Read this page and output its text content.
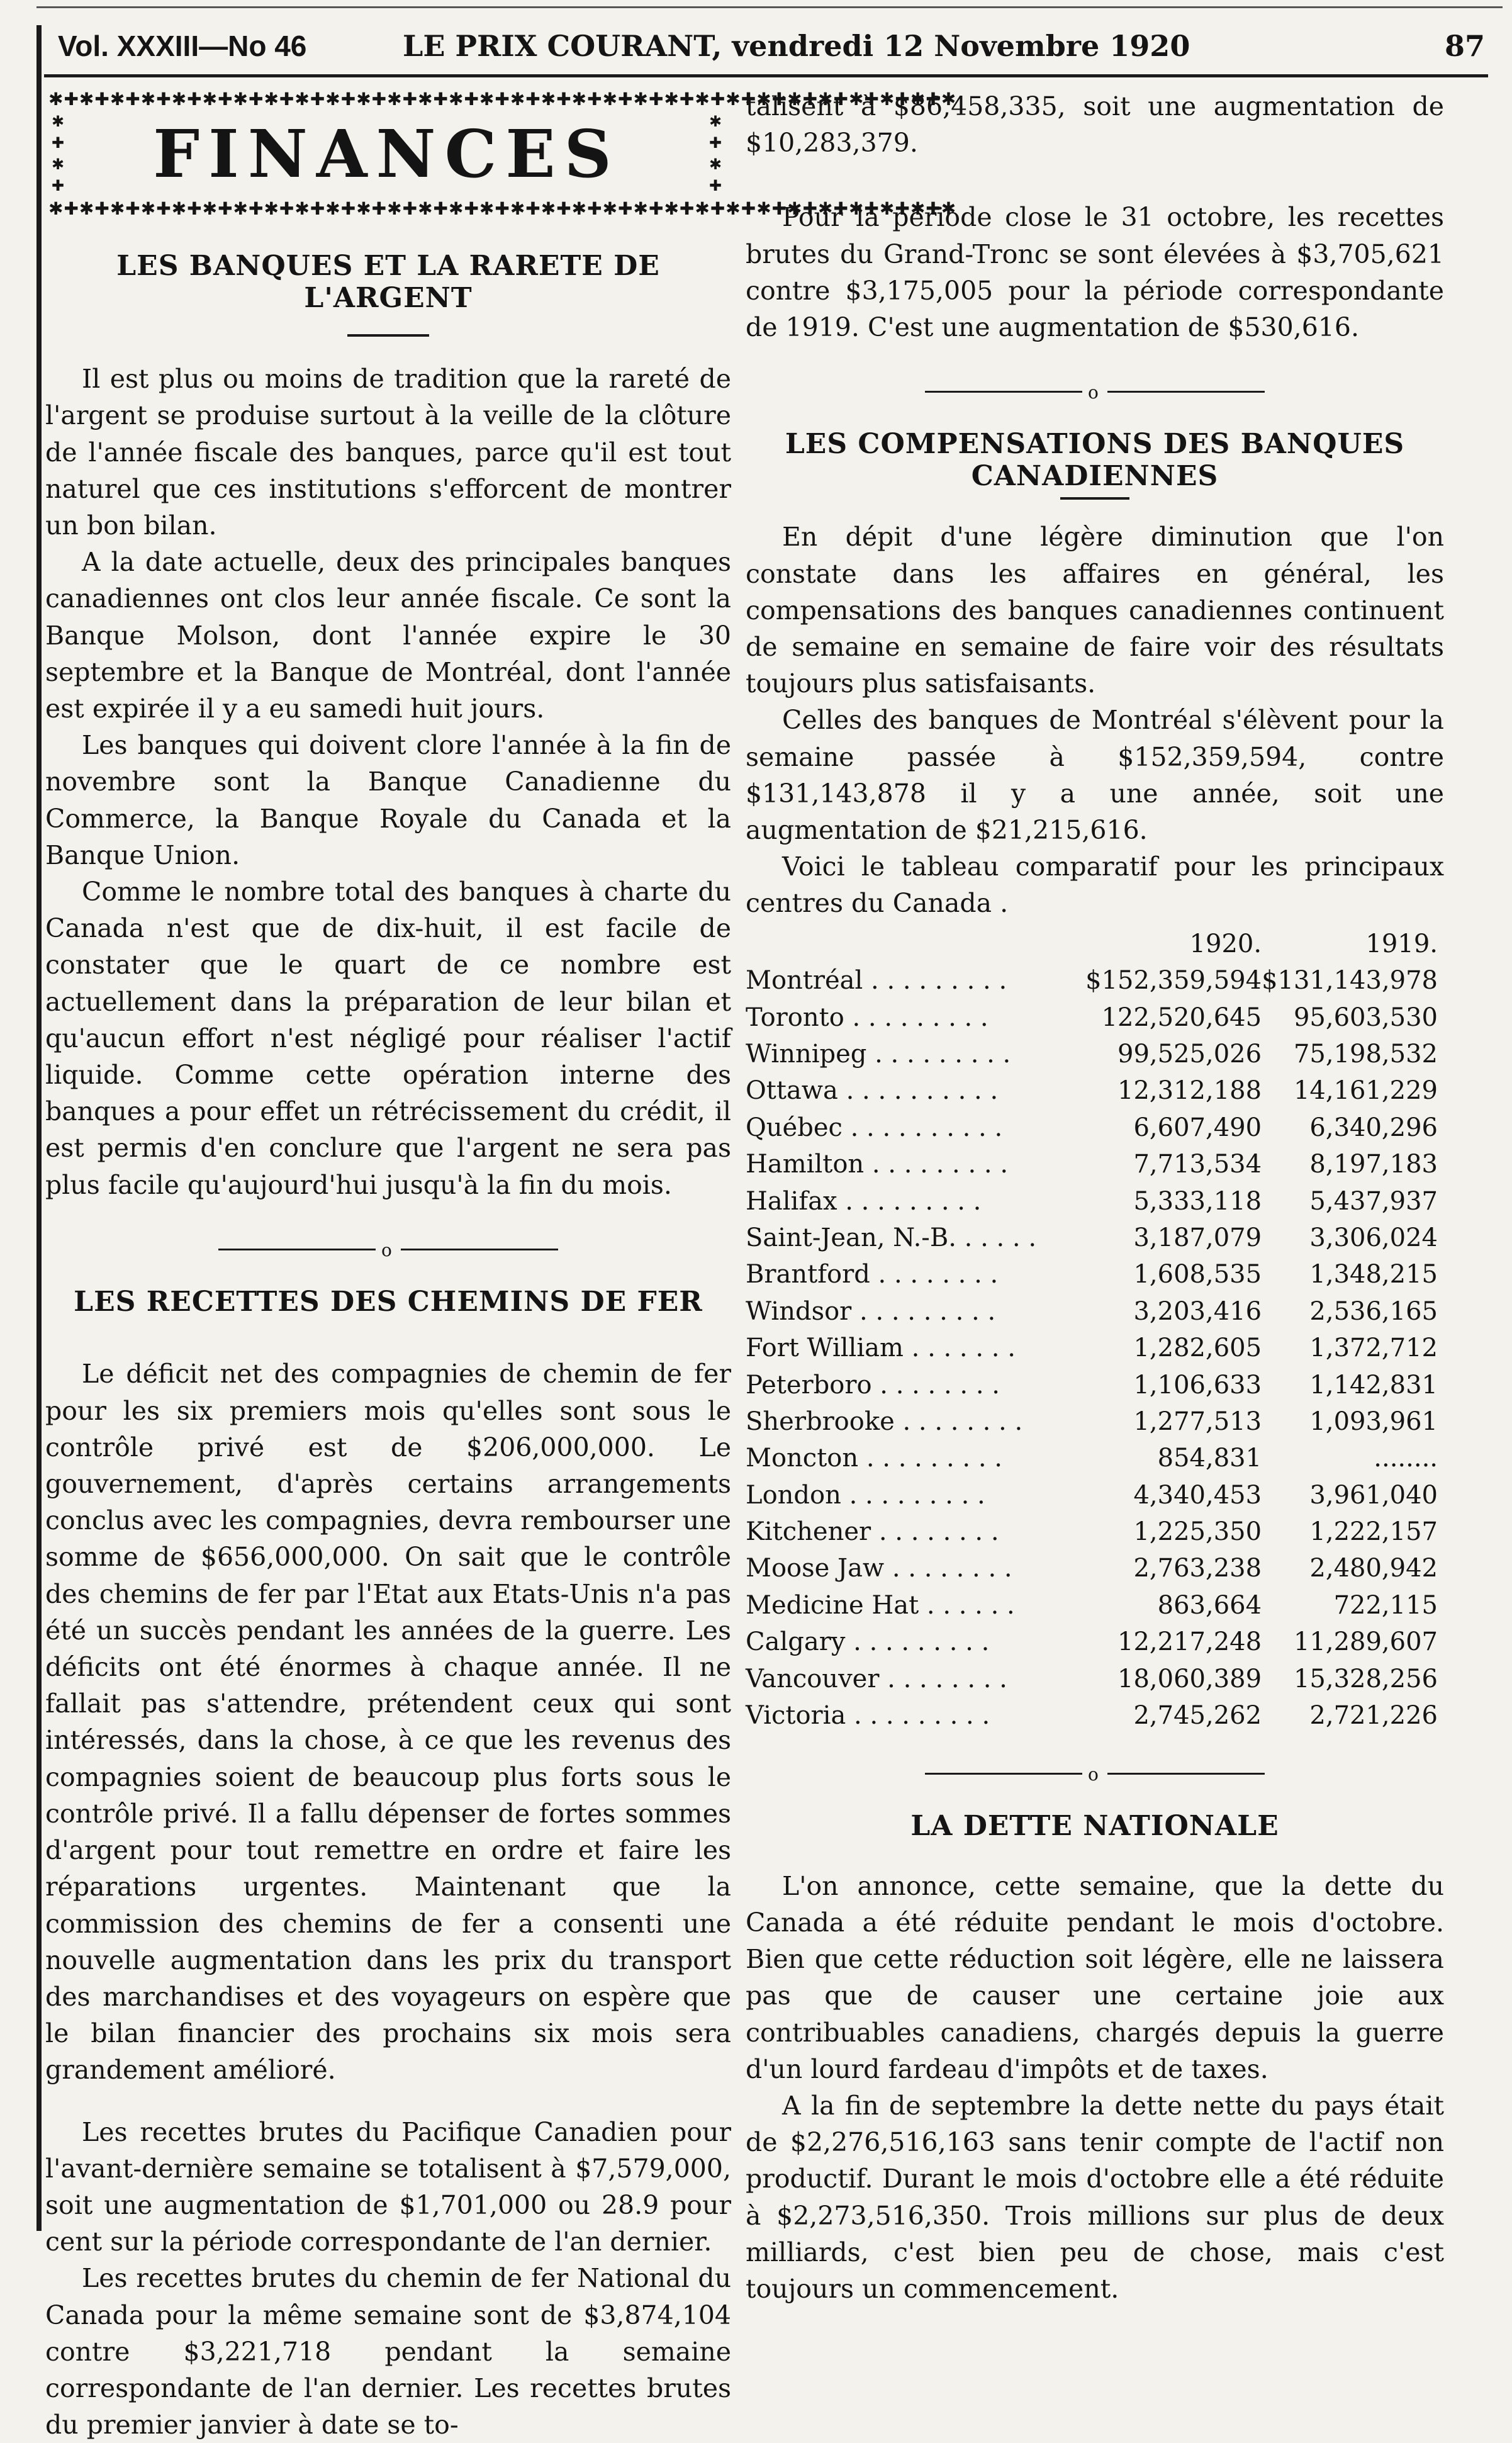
Vol. XXXIII—No 46	LE PRIX COURANT, vendredi 12 Novembre 1920	87
✱✚✱✚✱✚✱✚✱✚✱✚✱✚✱✚✱✚✱✚✱✚✱✚✱✚✱✚✱✚✱✚✱✚✱✚✱✚✱✚✱✚✱✚✱✚✱✚✱✚✱✚✱✚✱✚✱✚✱
✱
✚
✱
✚
✱
✚
✱
✚
FINANCES
✱✚✱✚✱✚✱✚✱✚✱✚✱✚✱✚✱✚✱✚✱✚✱✚✱✚✱✚✱✚✱✚✱✚✱✚✱✚✱✚✱✚✱✚✱✚✱✚✱✚✱✚✱✚✱✚✱✚✱
LES BANQUES ET LA RARETE DE L'ARGENT

Il est plus ou moins de tradition que la rareté de l'argent se produise surtout à la veille de la clôture de l'année fiscale des banques, parce qu'il est tout naturel que ces institutions s'efforcent de montrer un bon bilan.

A la date actuelle, deux des principales banques canadiennes ont clos leur année fiscale. Ce sont la Banque Molson, dont l'année expire le 30 septembre et la Banque de Montréal, dont l'année est expirée il y a eu samedi huit jours.

Les banques qui doivent clore l'année à la fin de novembre sont la Banque Canadienne du Commerce, la Banque Royale du Canada et la Banque Union.

Comme le nombre total des banques à charte du Canada n'est que de dix-huit, il est facile de constater que le quart de ce nombre est actuellement dans la préparation de leur bilan et qu'aucun effort n'est négligé pour réaliser l'actif liquide. Comme cette opération interne des banques a pour effet un rétrécissement du crédit, il est permis d'en conclure que l'argent ne sera pas plus facile qu'aujourd'hui jusqu'à la fin du mois.

o
LES RECETTES DES CHEMINS DE FER

Le déficit net des compagnies de chemin de fer pour les six premiers mois qu'elles sont sous le contrôle privé est de $206,000,000. Le gouvernement, d'après certains arrangements conclus avec les compagnies, devra rembourser une somme de $656,000,000. On sait que le contrôle des chemins de fer par l'Etat aux Etats-Unis n'a pas été un succès pendant les années de la guerre. Les déficits ont été énormes à chaque année. Il ne fallait pas s'attendre, prétendent ceux qui sont intéressés, dans la chose, à ce que les revenus des compagnies soient de beaucoup plus forts sous le contrôle privé. Il a fallu dépenser de fortes sommes d'argent pour tout remettre en ordre et faire les réparations urgentes. Maintenant que la commission des chemins de fer a consenti une nouvelle augmentation dans les prix du transport des marchandises et des voyageurs on espère que le bilan financier des prochains six mois sera grandement amélioré.

Les recettes brutes du Pacifique Canadien pour l'avant-dernière semaine se totalisent à $7,579,000, soit une augmentation de $1,701,000 ou 28.9 pour cent sur la période correspondante de l'an dernier.

Les recettes brutes du chemin de fer National du Canada pour la même semaine sont de $3,874,104 contre $3,221,718 pendant la semaine correspondante de l'an dernier. Les recettes brutes du premier janvier à date se to-

talisent à $86,458,335, soit une augmentation de $10,283,379.

Pour la période close le 31 octobre, les recettes brutes du Grand-Tronc se sont élevées à $3,705,621 contre $3,175,005 pour la période correspondante de 1919. C'est une augmentation de $530,616.

o
LES COMPENSATIONS DES BANQUES CANADIENNES

En dépit d'une légère diminution que l'on constate dans les affaires en général, les compensations des banques canadiennes continuent de semaine en semaine de faire voir des résultats toujours plus satisfaisants.

Celles des banques de Montréal s'élèvent pour la semaine passée à $152,359,594, contre $131,143,878 il y a une année, soit une augmentation de $21,215,616.

Voici le tableau comparatif pour les principaux centres du Canada .

	1920.	1919.
Montréal . . . . . . . . .	$152,359,594	$131,143,978
Toronto . . . . . . . . .	122,520,645	95,603,530
Winnipeg . . . . . . . . .	99,525,026	75,198,532
Ottawa . . . . . . . . . .	12,312,188	14,161,229
Québec . . . . . . . . . .	6,607,490	6,340,296
Hamilton . . . . . . . . .	7,713,534	8,197,183
Halifax . . . . . . . . .	5,333,118	5,437,937
Saint-Jean, N.-B. . . . . .	3,187,079	3,306,024
Brantford . . . . . . . .	1,608,535	1,348,215
Windsor . . . . . . . . .	3,203,416	2,536,165
Fort William . . . . . . .	1,282,605	1,372,712
Peterboro . . . . . . . .	1,106,633	1,142,831
Sherbrooke . . . . . . . .	1,277,513	1,093,961
Moncton . . . . . . . . .	854,831	........
London . . . . . . . . .	4,340,453	3,961,040
Kitchener . . . . . . . .	1,225,350	1,222,157
Moose Jaw . . . . . . . .	2,763,238	2,480,942
Medicine Hat . . . . . .	863,664	722,115
Calgary . . . . . . . . .	12,217,248	11,289,607
Vancouver . . . . . . . .	18,060,389	15,328,256
Victoria . . . . . . . . .	2,745,262	2,721,226
o
LA DETTE NATIONALE

L'on annonce, cette semaine, que la dette du Canada a été réduite pendant le mois d'octobre. Bien que cette réduction soit légère, elle ne laissera pas que de causer une certaine joie aux contribuables canadiens, chargés depuis la guerre d'un lourd fardeau d'impôts et de taxes.

A la fin de septembre la dette nette du pays était de $2,276,516,163 sans tenir compte de l'actif non productif. Durant le mois d'octobre elle a été réduite à $2,273,516,350. Trois millions sur plus de deux milliards, c'est bien peu de chose, mais c'est toujours un commencement.
